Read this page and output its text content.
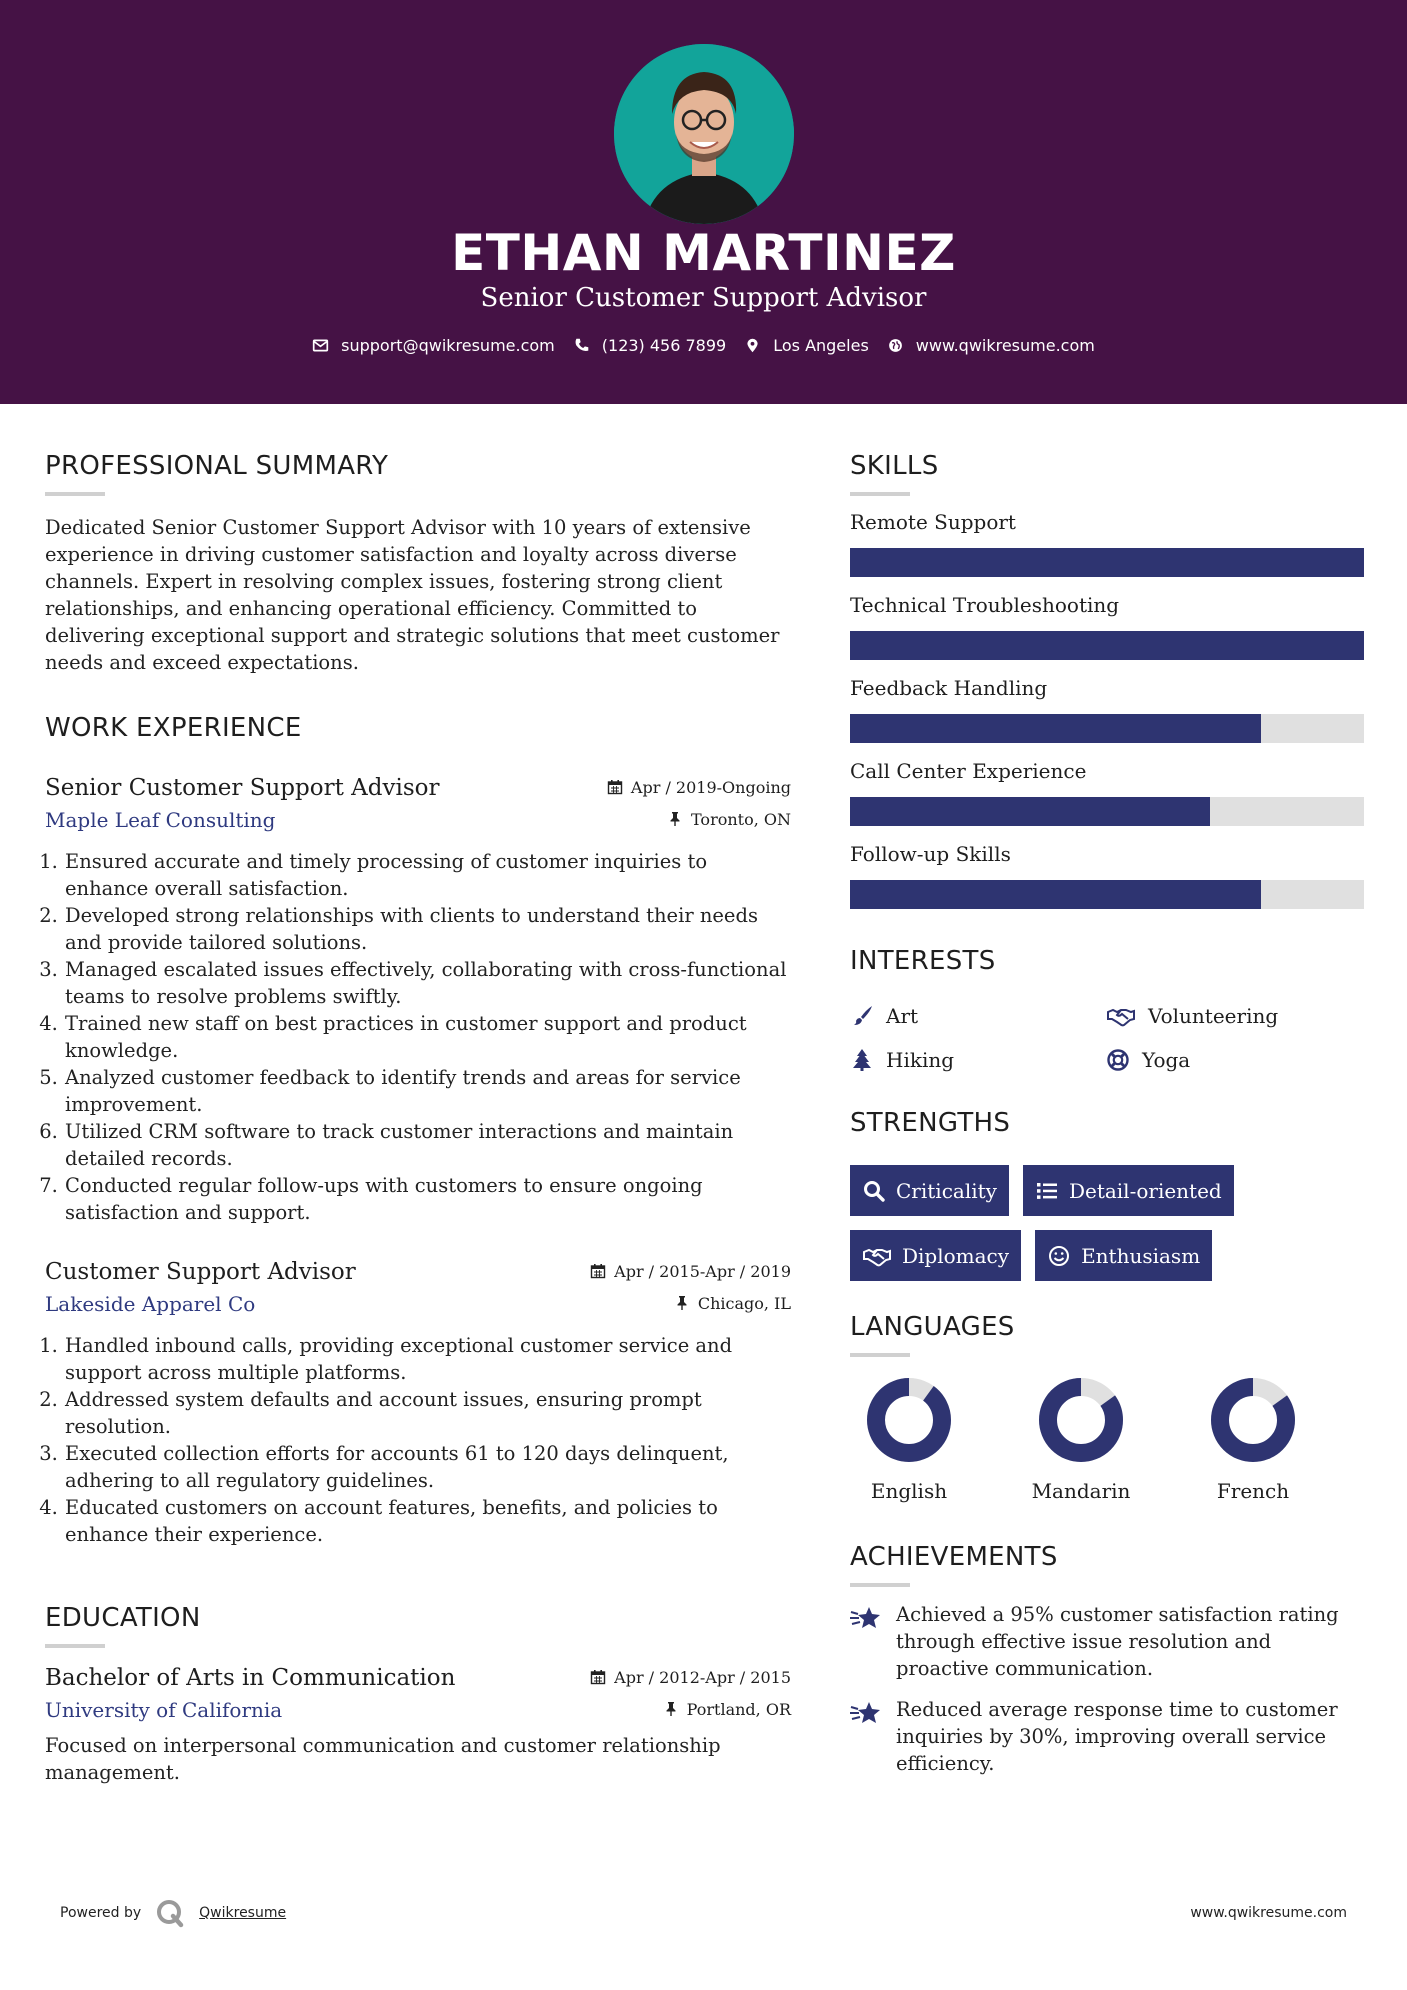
ETHAN MARTINEZ
Senior Customer Support Advisor
support@qwikresume.com	(123) 456 7899	Los Angeles	www.qwikresume.com
PROFESSIONAL SUMMARY
Dedicated Senior Customer Support Advisor with 10 years of extensive experience in driving customer satisfaction and loyalty across diverse channels. Expert in resolving complex issues, fostering strong client relationships, and enhancing operational efficiency. Committed to delivering exceptional support and strategic solutions that meet customer needs and exceed expectations.
WORK EXPERIENCE
Senior Customer Support Advisor	Apr / 2019-Ongoing
Maple Leaf Consulting	Toronto, ON
1. Ensured accurate and timely processing of customer inquiries to enhance overall satisfaction.
2. Developed strong relationships with clients to understand their needs and provide tailored solutions.
3. Managed escalated issues effectively, collaborating with cross-functional teams to resolve problems swiftly.
4. Trained new staff on best practices in customer support and product knowledge.
5. Analyzed customer feedback to identify trends and areas for service improvement.
6. Utilized CRM software to track customer interactions and maintain detailed records.
7. Conducted regular follow-ups with customers to ensure ongoing satisfaction and support.
Customer Support Advisor	Apr / 2015-Apr / 2019
Lakeside Apparel Co	Chicago, IL
1. Handled inbound calls, providing exceptional customer service and support across multiple platforms.
2. Addressed system defaults and account issues, ensuring prompt resolution.
3. Executed collection efforts for accounts 61 to 120 days delinquent, adhering to all regulatory guidelines.
4. Educated customers on account features, benefits, and policies to enhance their experience.
EDUCATION
Bachelor of Arts in Communication	Apr / 2012-Apr / 2015
University of California	Portland, OR
Focused on interpersonal communication and customer relationship management.
SKILLS
Remote Support
Technical Troubleshooting
Feedback Handling
Call Center Experience
Follow-up Skills
INTERESTS
Art	Volunteering
Hiking	Yoga
STRENGTHS
Criticality	Detail-oriented
Diplomacy	Enthusiasm
LANGUAGES
English	Mandarin	French
ACHIEVEMENTS
Achieved a 95% customer satisfaction rating through effective issue resolution and proactive communication.
Reduced average response time to customer inquiries by 30%, improving overall service efficiency.
Powered by	Qwikresume	www.qwikresume.com
